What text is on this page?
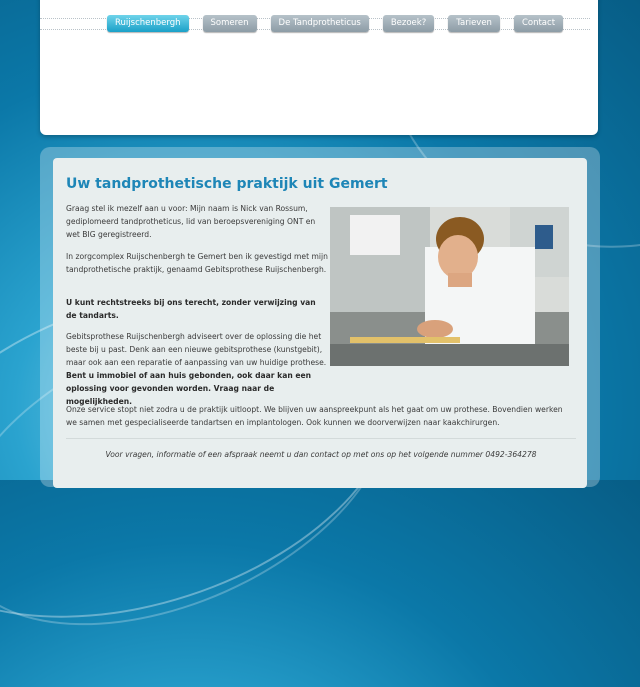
Ruijschenbergh	Someren	De Tandprotheticus	Bezoek?	Tarieven	Contact
Uw tandprothetische praktijk uit Gemert

Graag stel ik mezelf aan u voor: Mijn naam is Nick van Rossum, gediplomeerd tandprotheticus, lid van beroepsvereniging ONT en wet BIG geregistreerd.

In zorgcomplex Ruijschenbergh te Gemert ben ik gevestigd met mijn tandprothetische praktijk, genaamd Gebitsprothese Ruijschenbergh.

U kunt rechtstreeks bij ons terecht, zonder verwijzing van de tandarts.

Gebitsprothese Ruijschenbergh adviseert over de oplossing die het beste bij u past. Denk aan een nieuwe gebitsprothese (kunstgebit), maar ook aan een reparatie of aanpassing van uw huidige prothese. Bent u immobiel of aan huis gebonden, ook daar kan een oplossing voor gevonden worden. Vraag naar de mogelijkheden.

Onze service stopt niet zodra u de praktijk uitloopt. We blijven uw aanspreekpunt als het gaat om uw prothese. Bovendien werken we samen met gespecialiseerde tandartsen en implantologen. Ook kunnen we doorverwijzen naar kaakchirurgen.

Voor vragen, informatie of een afspraak neemt u dan contact op met ons op het volgende nummer 0492-364278
